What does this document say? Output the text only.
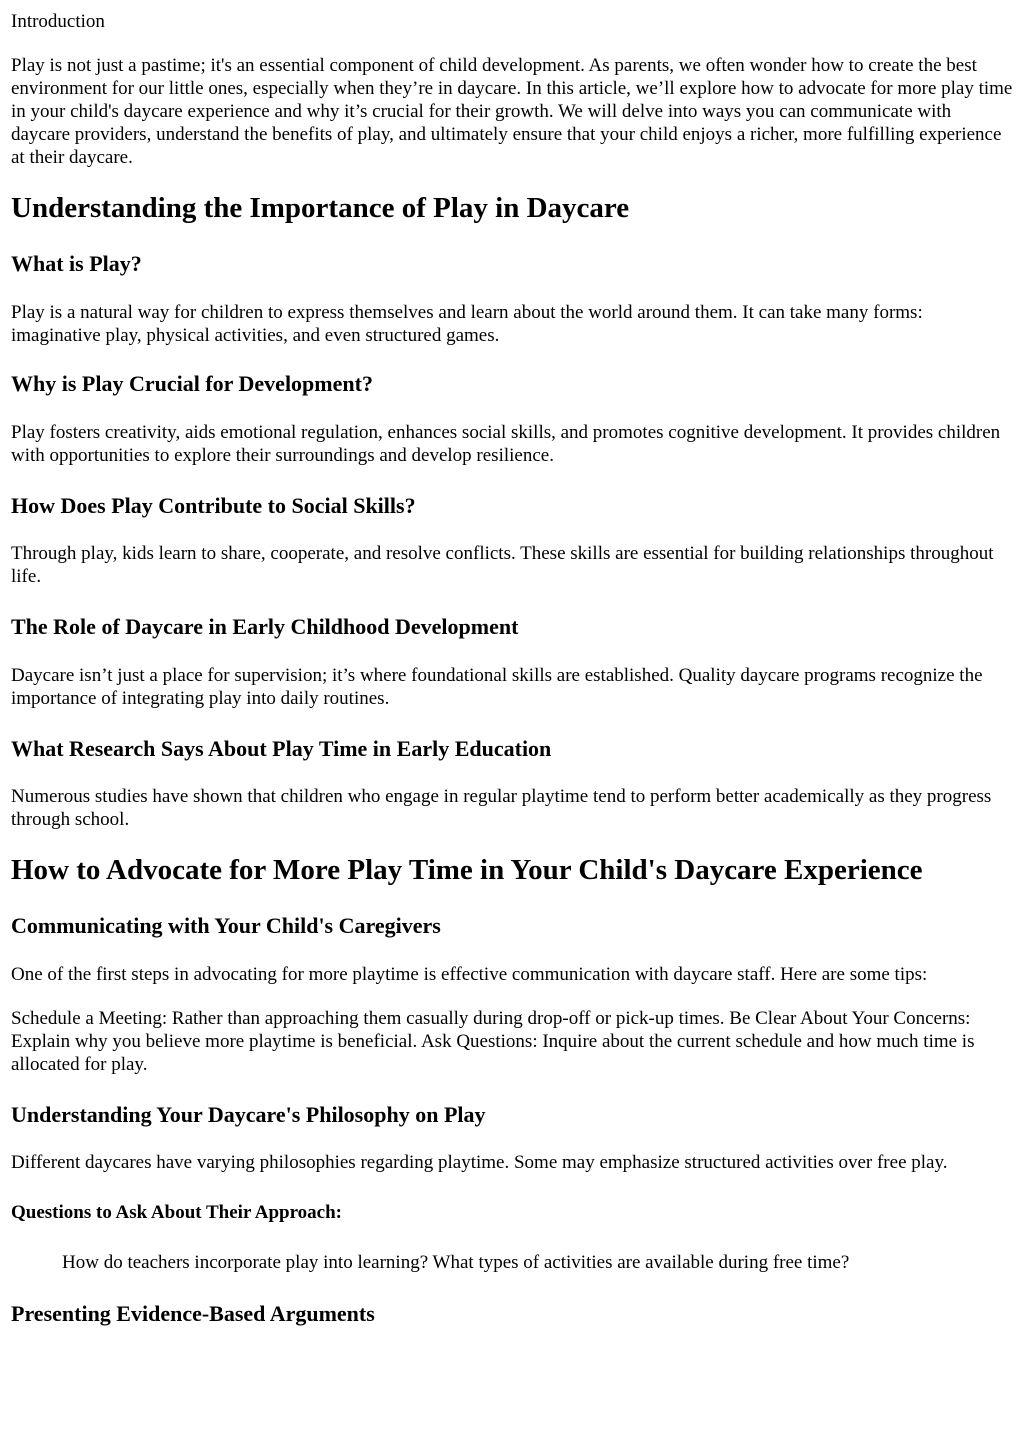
Introduction

Play is not just a pastime; it's an essential component of child development. As parents, we often wonder how to create the best environment for our little ones, especially when they’re in daycare. In this article, we’ll explore how to advocate for more play time in your child's daycare experience and why it’s crucial for their growth. We will delve into ways you can communicate with daycare providers, understand the benefits of play, and ultimately ensure that your child enjoys a richer, more fulfilling experience at their daycare.

Understanding the Importance of Play in Daycare
What is Play?

Play is a natural way for children to express themselves and learn about the world around them. It can take many forms: imaginative play, physical activities, and even structured games.

Why is Play Crucial for Development?

Play fosters creativity, aids emotional regulation, enhances social skills, and promotes cognitive development. It provides children with opportunities to explore their surroundings and develop resilience.

How Does Play Contribute to Social Skills?

Through play, kids learn to share, cooperate, and resolve conflicts. These skills are essential for building relationships throughout life.

The Role of Daycare in Early Childhood Development

Daycare isn’t just a place for supervision; it’s where foundational skills are established. Quality daycare programs recognize the importance of integrating play into daily routines.

What Research Says About Play Time in Early Education

Numerous studies have shown that children who engage in regular playtime tend to perform better academically as they progress through school.

How to Advocate for More Play Time in Your Child's Daycare Experience
Communicating with Your Child's Caregivers

One of the first steps in advocating for more playtime is effective communication with daycare staff. Here are some tips:

Schedule a Meeting: Rather than approaching them casually during drop-off or pick-up times. Be Clear About Your Concerns: Explain why you believe more playtime is beneficial. Ask Questions: Inquire about the current schedule and how much time is allocated for play.

Understanding Your Daycare's Philosophy on Play

Different daycares have varying philosophies regarding playtime. Some may emphasize structured activities over free play.

Questions to Ask About Their Approach:
How do teachers incorporate play into learning? What types of activities are available during free time?
Presenting Evidence-Based Arguments
